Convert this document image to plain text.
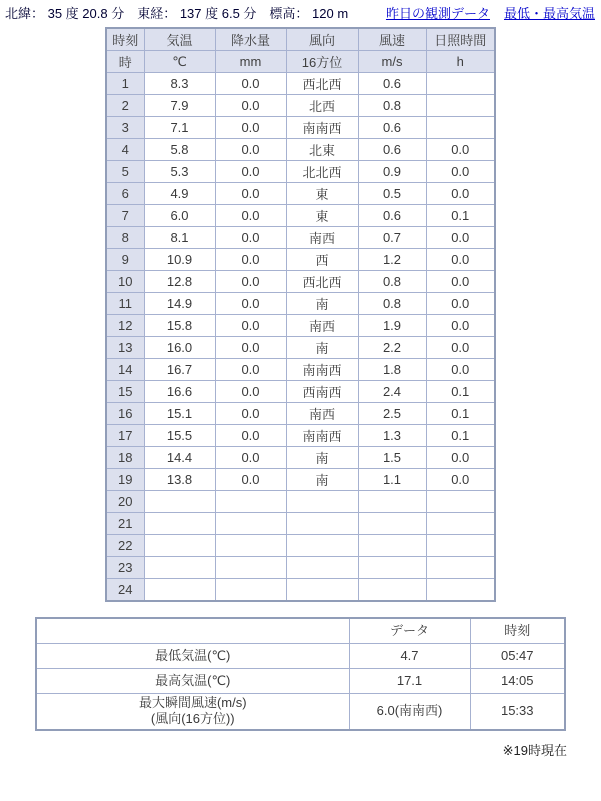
北緯： 35 度 20.8 分　東経： 137 度 6.5 分　標高： 120 m	昨日の観測データ 最低・最高気温
時刻	気温	降水量	風向	風速	日照時間
時	℃	mm	16方位	m/s	h
1	8.3	0.0	西北西	0.6	
2	7.9	0.0	北西	0.8	
3	7.1	0.0	南南西	0.6	
4	5.8	0.0	北東	0.6	0.0
5	5.3	0.0	北北西	0.9	0.0
6	4.9	0.0	東	0.5	0.0
7	6.0	0.0	東	0.6	0.1
8	8.1	0.0	南西	0.7	0.0
9	10.9	0.0	西	1.2	0.0
10	12.8	0.0	西北西	0.8	0.0
11	14.9	0.0	南	0.8	0.0
12	15.8	0.0	南西	1.9	0.0
13	16.0	0.0	南	2.2	0.0
14	16.7	0.0	南南西	1.8	0.0
15	16.6	0.0	西南西	2.4	0.1
16	15.1	0.0	南西	2.5	0.1
17	15.5	0.0	南南西	1.3	0.1
18	14.4	0.0	南	1.5	0.0
19	13.8	0.0	南	1.1	0.0
20					
21					
22					
23					
24					
	データ	時刻

最低気温(℃)	4.7	05:47

最高気温(℃)	17.1	14:05

最大瞬間風速(m/s)
(風向(16方位))	6.0(南南西)	15:33
※19時現在
